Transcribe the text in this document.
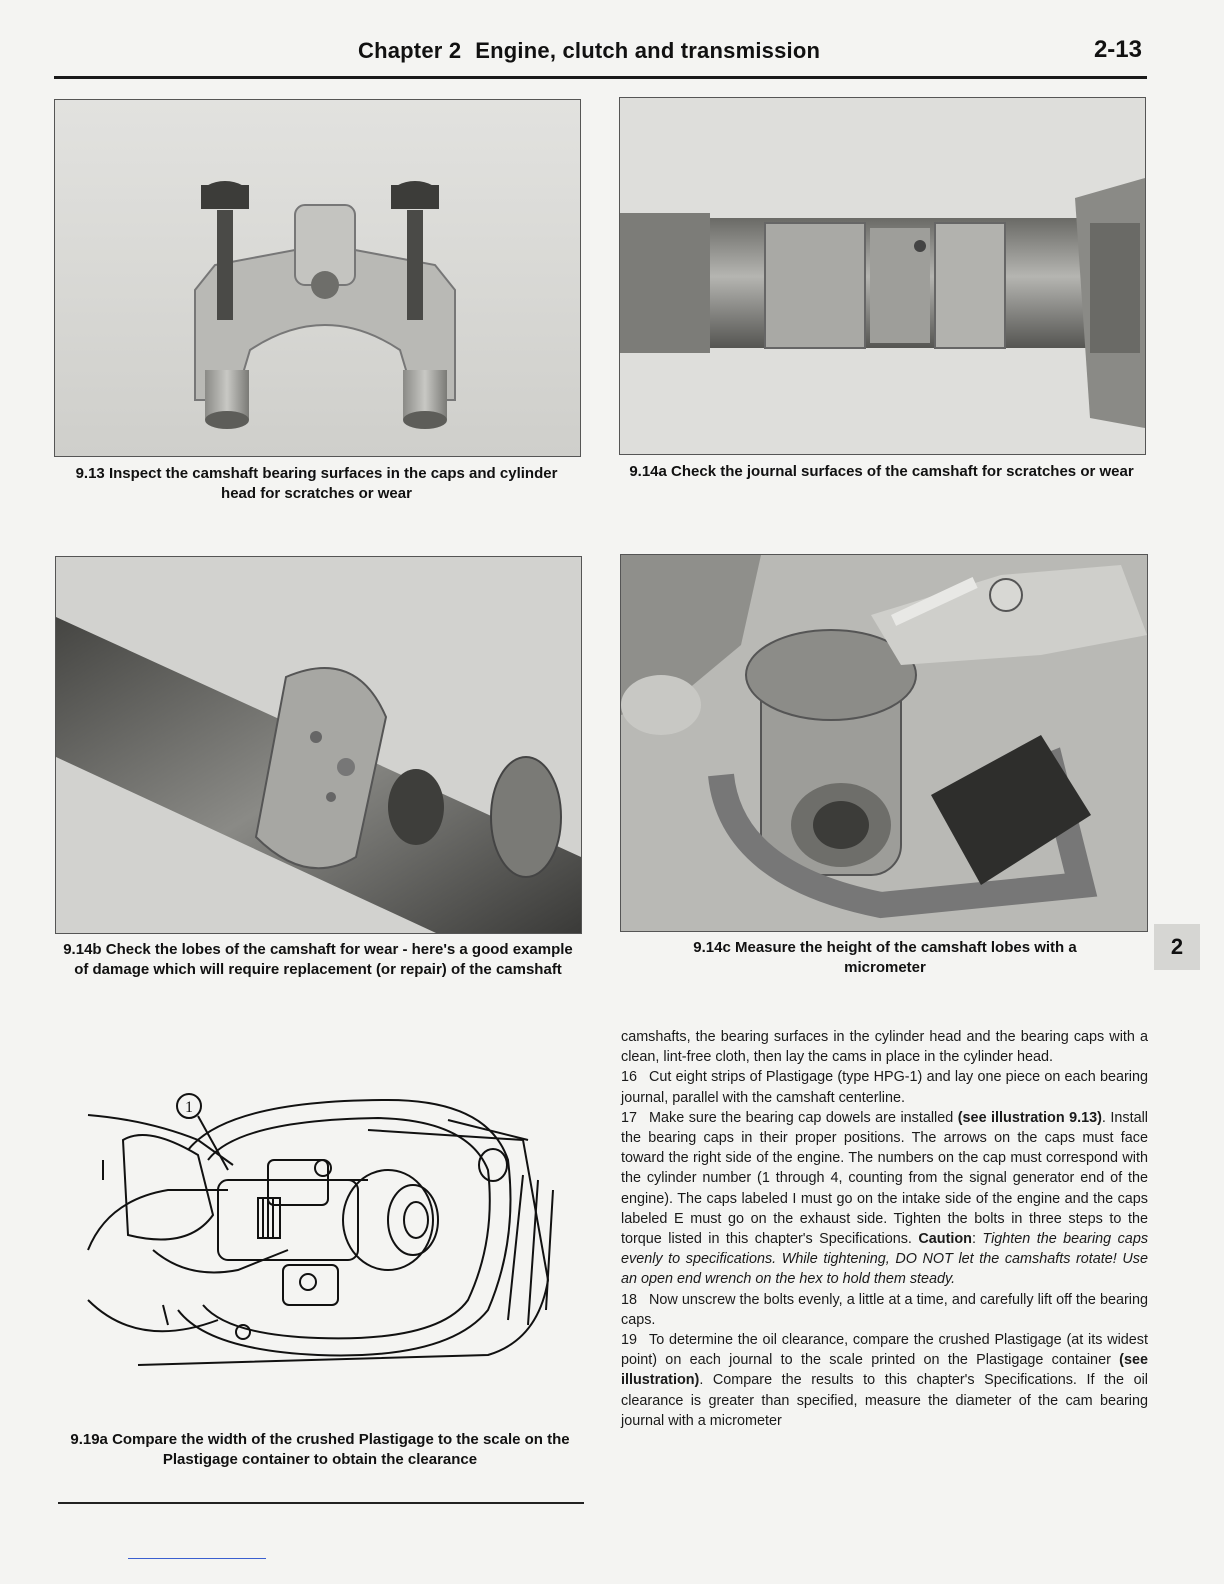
Chapter 2 Engine, clutch and transmission	2-13
9.13 Inspect the camshaft bearing surfaces in the caps and cylinder head for scratches or wear
9.14a Check the journal surfaces of the camshaft for scratches or wear
9.14b Check the lobes of the camshaft for wear - here's a good example of damage which will require replacement (or repair) of the camshaft
9.14c Measure the height of the camshaft lobes with a micrometer
2
1
9.19a Compare the width of the crushed Plastigage to the scale on the Plastigage container to obtain the clearance

camshafts, the bearing surfaces in the cylinder head and the bearing caps with a clean, lint-free cloth, then lay the cams in place in the cylinder head.

16 Cut eight strips of Plastigage (type HPG-1) and lay one piece on each bearing journal, parallel with the camshaft centerline.

17 Make sure the bearing cap dowels are installed (see illustration 9.13). Install the bearing caps in their proper positions. The arrows on the caps must face toward the right side of the engine. The numbers on the cap must correspond with the cylinder number (1 through 4, counting from the signal generator end of the engine). The caps labeled I must go on the intake side of the engine and the caps labeled E must go on the exhaust side. Tighten the bolts in three steps to the torque listed in this chapter's Specifications. Caution: Tighten the bearing caps evenly to specifications. While tightening, DO NOT let the camshafts rotate! Use an open end wrench on the hex to hold them steady.

18 Now unscrew the bolts evenly, a little at a time, and carefully lift off the bearing caps.

19 To determine the oil clearance, compare the crushed Plastigage (at its widest point) on each journal to the scale printed on the Plastigage container (see illustration). Compare the results to this chapter's Specifications. If the oil clearance is greater than specified, measure the diameter of the cam bearing journal with a micrometer
